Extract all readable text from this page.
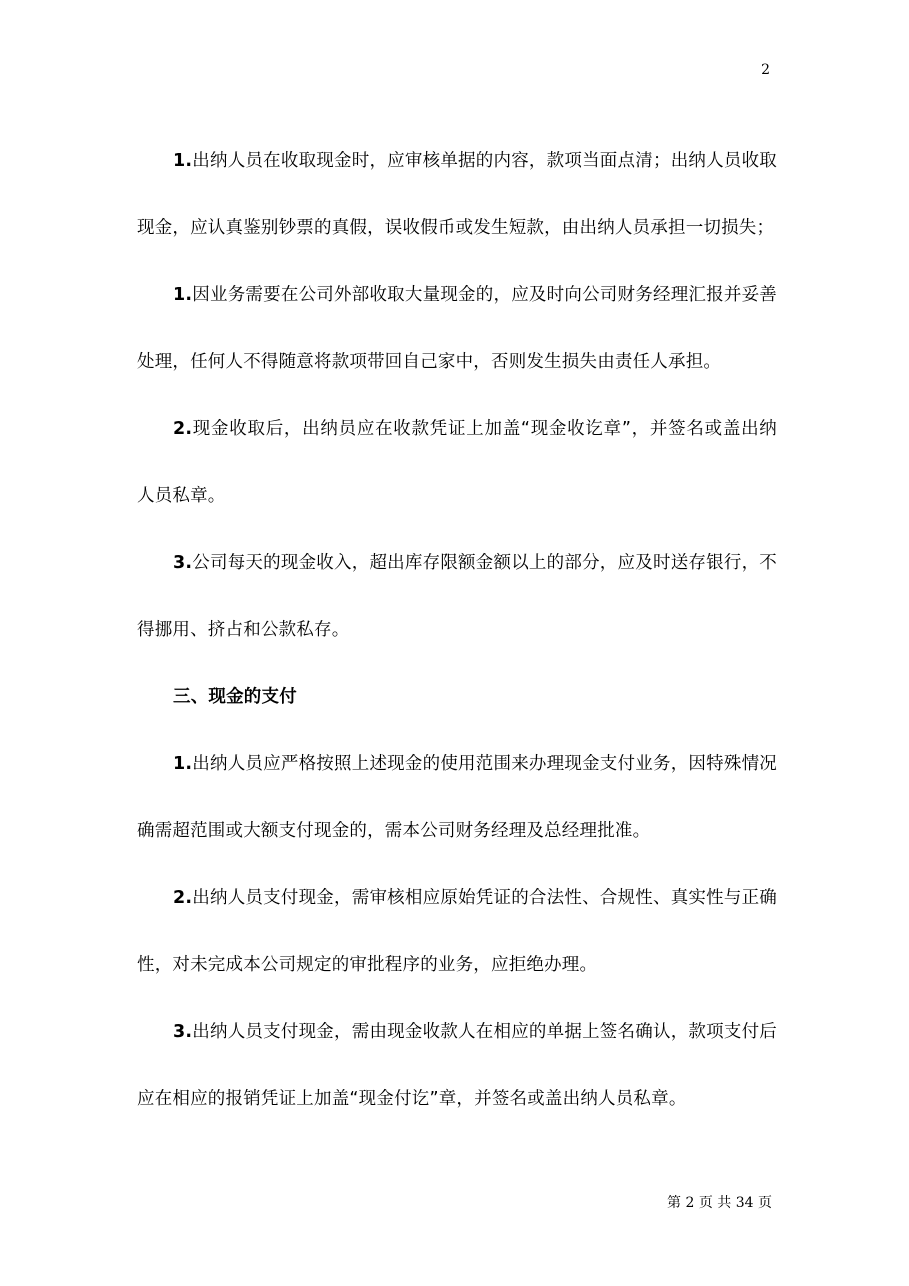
2

1.出纳人员在收取现金时，应审核单据的内容，款项当面点清；出纳人员收取现金，应认真鉴别钞票的真假，误收假币或发生短款，由出纳人员承担一切损失；

1.因业务需要在公司外部收取大量现金的，应及时向公司财务经理汇报并妥善处理，任何人不得随意将款项带回自己家中，否则发生损失由责任人承担。

2.现金收取后，出纳员应在收款凭证上加盖“现金收讫章”，并签名或盖出纳人员私章。

3.公司每天的现金收入，超出库存限额金额以上的部分，应及时送存银行，不得挪用、挤占和公款私存。

三、现金的支付

1.出纳人员应严格按照上述现金的使用范围来办理现金支付业务，因特殊情况确需超范围或大额支付现金的，需本公司财务经理及总经理批准。

2.出纳人员支付现金，需审核相应原始凭证的合法性、合规性、真实性与正确性，对未完成本公司规定的审批程序的业务，应拒绝办理。

3.出纳人员支付现金，需由现金收款人在相应的单据上签名确认，款项支付后应在相应的报销凭证上加盖“现金付讫”章，并签名或盖出纳人员私章。

第 2 页 共 34 页
